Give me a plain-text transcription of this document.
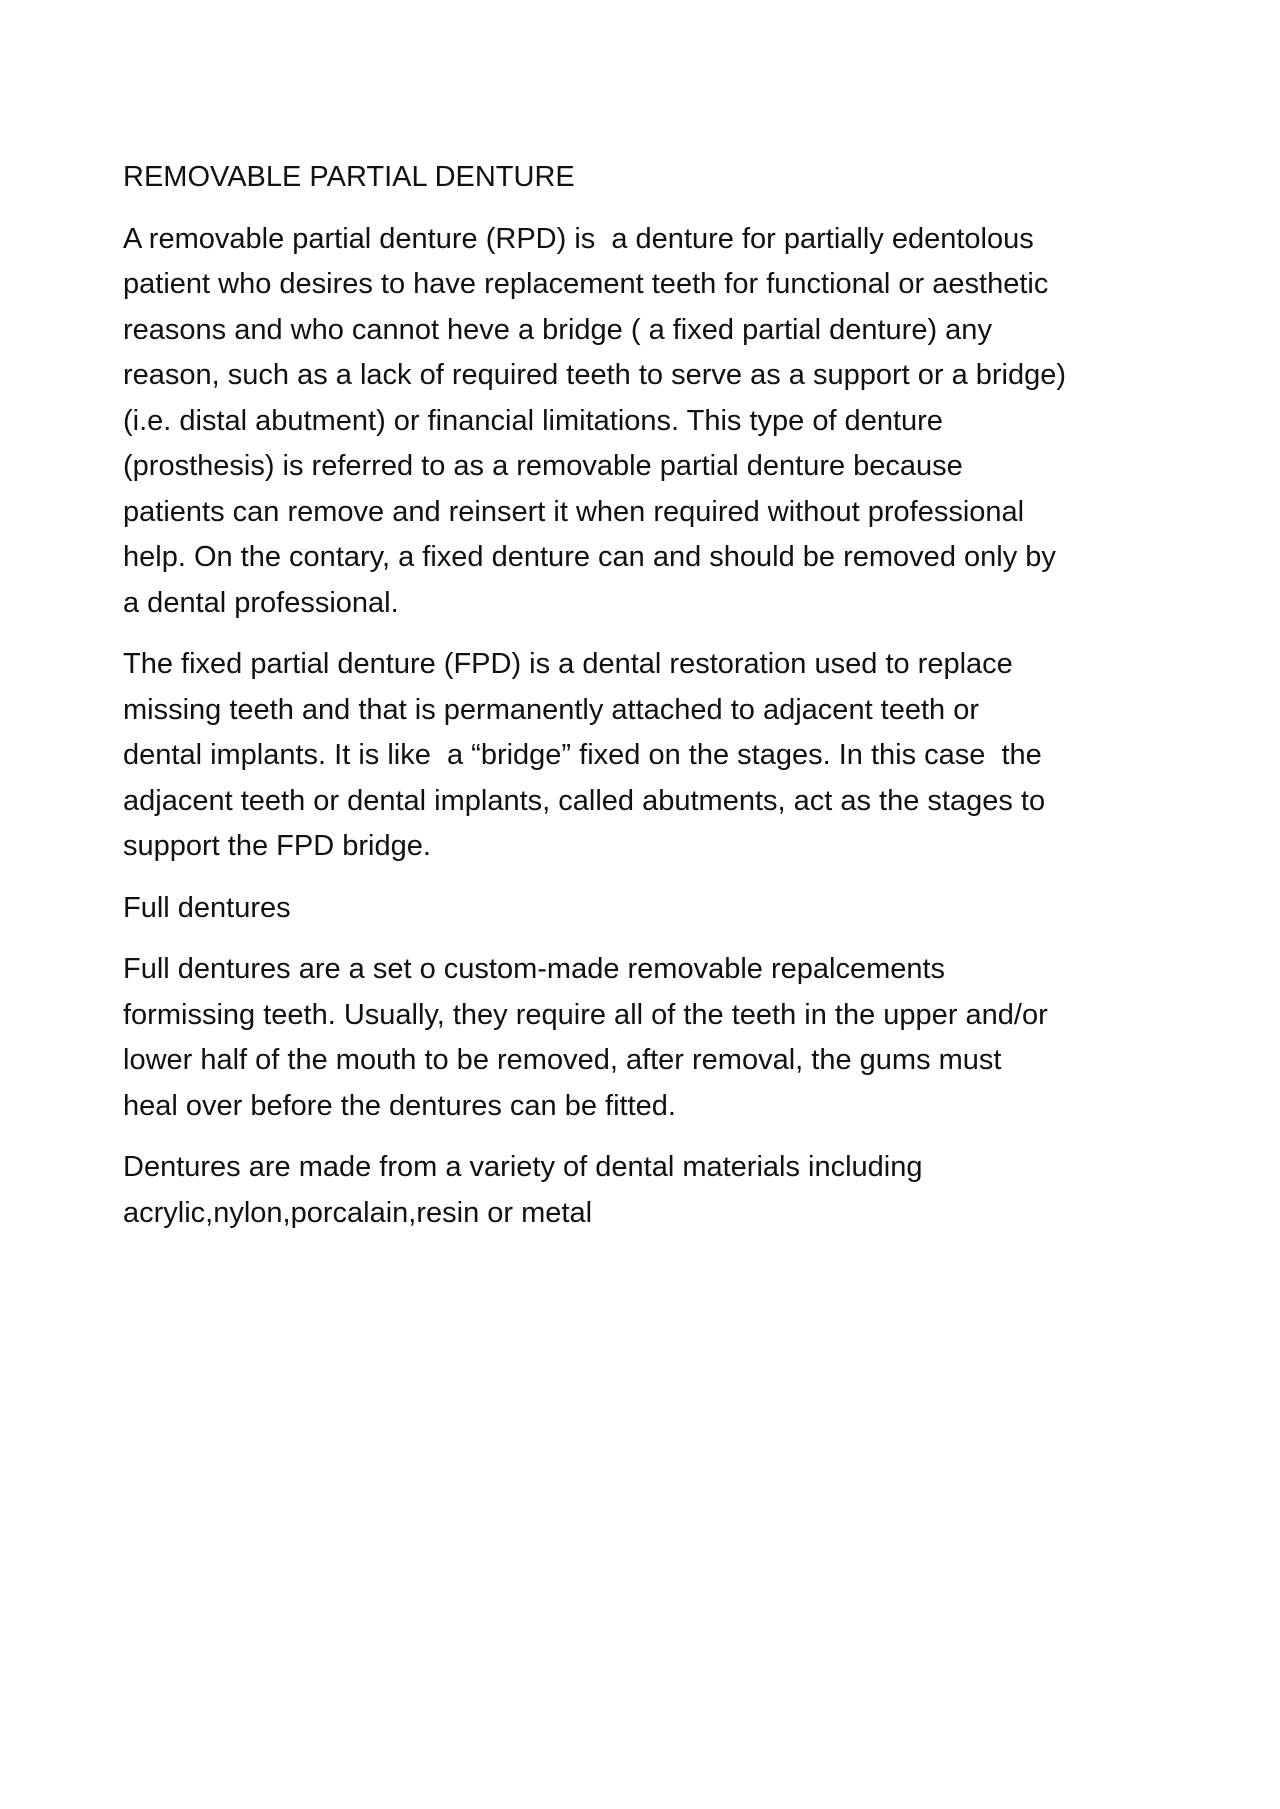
REMOVABLE PARTIAL DENTURE

A removable partial denture (RPD) is  a denture for partially edentolous
patient who desires to have replacement teeth for functional or aesthetic
reasons and who cannot heve a bridge ( a fixed partial denture) any
reason, such as a lack of required teeth to serve as a support or a bridge)
(i.e. distal abutment) or financial limitations. This type of denture
(prosthesis) is referred to as a removable partial denture because
patients can remove and reinsert it when required without professional
help. On the contary, a fixed denture can and should be removed only by
a dental professional.

The fixed partial denture (FPD) is a dental restoration used to replace
missing teeth and that is permanently attached to adjacent teeth or
dental implants. It is like  a “bridge” fixed on the stages. In this case  the
adjacent teeth or dental implants, called abutments, act as the stages to
support the FPD bridge.

Full dentures

Full dentures are a set o custom-made removable repalcements
formissing teeth. Usually, they require all of the teeth in the upper and/or
lower half of the mouth to be removed, after removal, the gums must
heal over before the dentures can be fitted.

Dentures are made from a variety of dental materials including
acrylic,nylon,porcalain,resin or metal
